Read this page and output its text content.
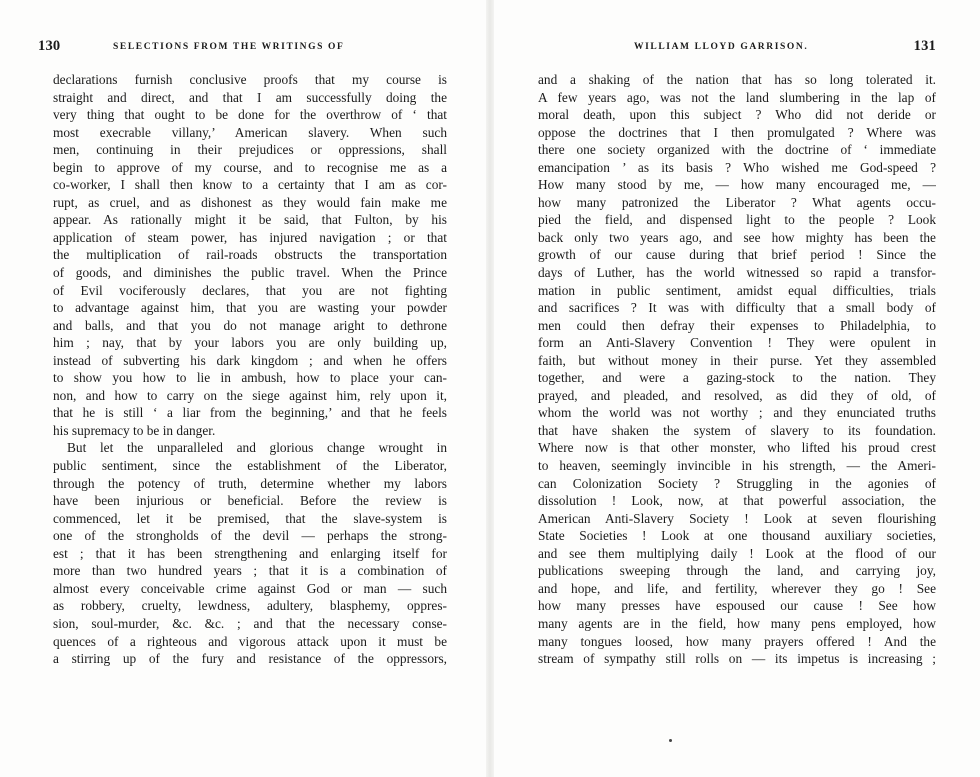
130	SELECTIONS FROM THE WRITINGS OF
declarations furnish conclusive proofs that my course is
straight and direct, and that I am successfully doing the
very thing that ought to be done for the overthrow of ‘ that
most execrable villany,’ American slavery. When such
men, continuing in their prejudices or oppressions, shall
begin to approve of my course, and to recognise me as a
co-worker, I shall then know to a certainty that I am as cor-
rupt, as cruel, and as dishonest as they would fain make me
appear. As rationally might it be said, that Fulton, by his
application of steam power, has injured navigation ; or that
the multiplication of rail-roads obstructs the transportation
of goods, and diminishes the public travel. When the Prince
of Evil vociferously declares, that you are not fighting
to advantage against him, that you are wasting your powder
and balls, and that you do not manage aright to dethrone
him ; nay, that by your labors you are only building up,
instead of subverting his dark kingdom ; and when he offers
to show you how to lie in ambush, how to place your can-
non, and how to carry on the siege against him, rely upon it,
that he is still ‘ a liar from the beginning,’ and that he feels
his supremacy to be in danger.
But let the unparalleled and glorious change wrought in
public sentiment, since the establishment of the Liberator,
through the potency of truth, determine whether my labors
have been injurious or beneficial. Before the review is
commenced, let it be premised, that the slave-system is
one of the strongholds of the devil — perhaps the strong-
est ; that it has been strengthening and enlarging itself for
more than two hundred years ; that it is a combination of
almost every conceivable crime against God or man — such
as robbery, cruelty, lewdness, adultery, blasphemy, oppres-
sion, soul-murder, &c. &c. ; and that the necessary conse-
quences of a righteous and vigorous attack upon it must be
a stirring up of the fury and resistance of the oppressors,
WILLIAM LLOYD GARRISON.	131
and a shaking of the nation that has so long tolerated it.
A few years ago, was not the land slumbering in the lap of
moral death, upon this subject ? Who did not deride or
oppose the doctrines that I then promulgated ? Where was
there one society organized with the doctrine of ‘ immediate
emancipation ’ as its basis ? Who wished me God-speed ?
How many stood by me, — how many encouraged me, —
how many patronized the Liberator ? What agents occu-
pied the field, and dispensed light to the people ? Look
back only two years ago, and see how mighty has been the
growth of our cause during that brief period ! Since the
days of Luther, has the world witnessed so rapid a transfor-
mation in public sentiment, amidst equal difficulties, trials
and sacrifices ? It was with difficulty that a small body of
men could then defray their expenses to Philadelphia, to
form an Anti-Slavery Convention ! They were opulent in
faith, but without money in their purse. Yet they assembled
together, and were a gazing-stock to the nation. They
prayed, and pleaded, and resolved, as did they of old, of
whom the world was not worthy ; and they enunciated truths
that have shaken the system of slavery to its foundation.
Where now is that other monster, who lifted his proud crest
to heaven, seemingly invincible in his strength, — the Ameri-
can Colonization Society ? Struggling in the agonies of
dissolution ! Look, now, at that powerful association, the
American Anti-Slavery Society ! Look at seven flourishing
State Societies ! Look at one thousand auxiliary societies,
and see them multiplying daily ! Look at the flood of our
publications sweeping through the land, and carrying joy,
and hope, and life, and fertility, wherever they go ! See
how many presses have espoused our cause ! See how
many agents are in the field, how many pens employed, how
many tongues loosed, how many prayers offered ! And the
stream of sympathy still rolls on — its impetus is increasing ;
